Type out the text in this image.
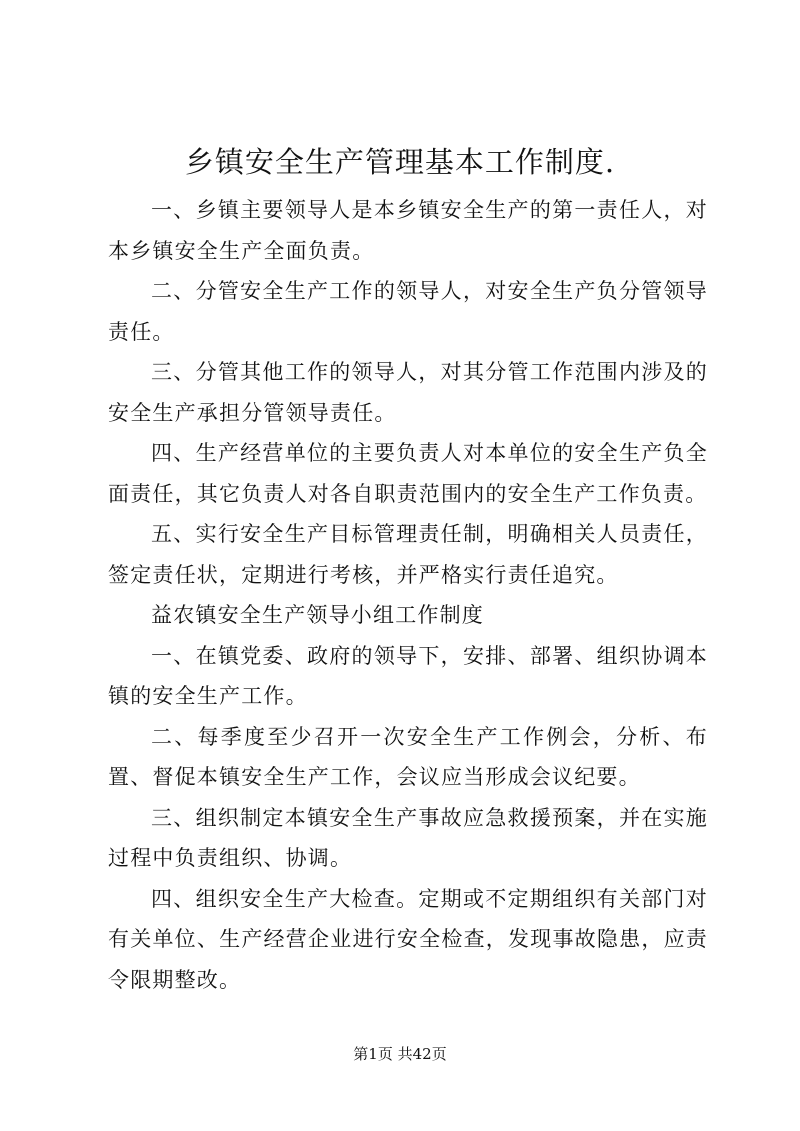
乡镇安全生产管理基本工作制度.

一、乡镇主要领导人是本乡镇安全生产的第一责任人，对本乡镇安全生产全面负责。

二、分管安全生产工作的领导人，对安全生产负分管领导责任。

三、分管其他工作的领导人，对其分管工作范围内涉及的安全生产承担分管领导责任。

四、生产经营单位的主要负责人对本单位的安全生产负全面责任，其它负责人对各自职责范围内的安全生产工作负责。

五、实行安全生产目标管理责任制，明确相关人员责任，签定责任状，定期进行考核，并严格实行责任追究。

益农镇安全生产领导小组工作制度

一、在镇党委、政府的领导下，安排、部署、组织协调本镇的安全生产工作。

二、每季度至少召开一次安全生产工作例会，分析、布置、督促本镇安全生产工作，会议应当形成会议纪要。

三、组织制定本镇安全生产事故应急救援预案，并在实施过程中负责组织、协调。

四、组织安全生产大检查。定期或不定期组织有关部门对有关单位、生产经营企业进行安全检查，发现事故隐患，应责令限期整改。

第1页 共42页
